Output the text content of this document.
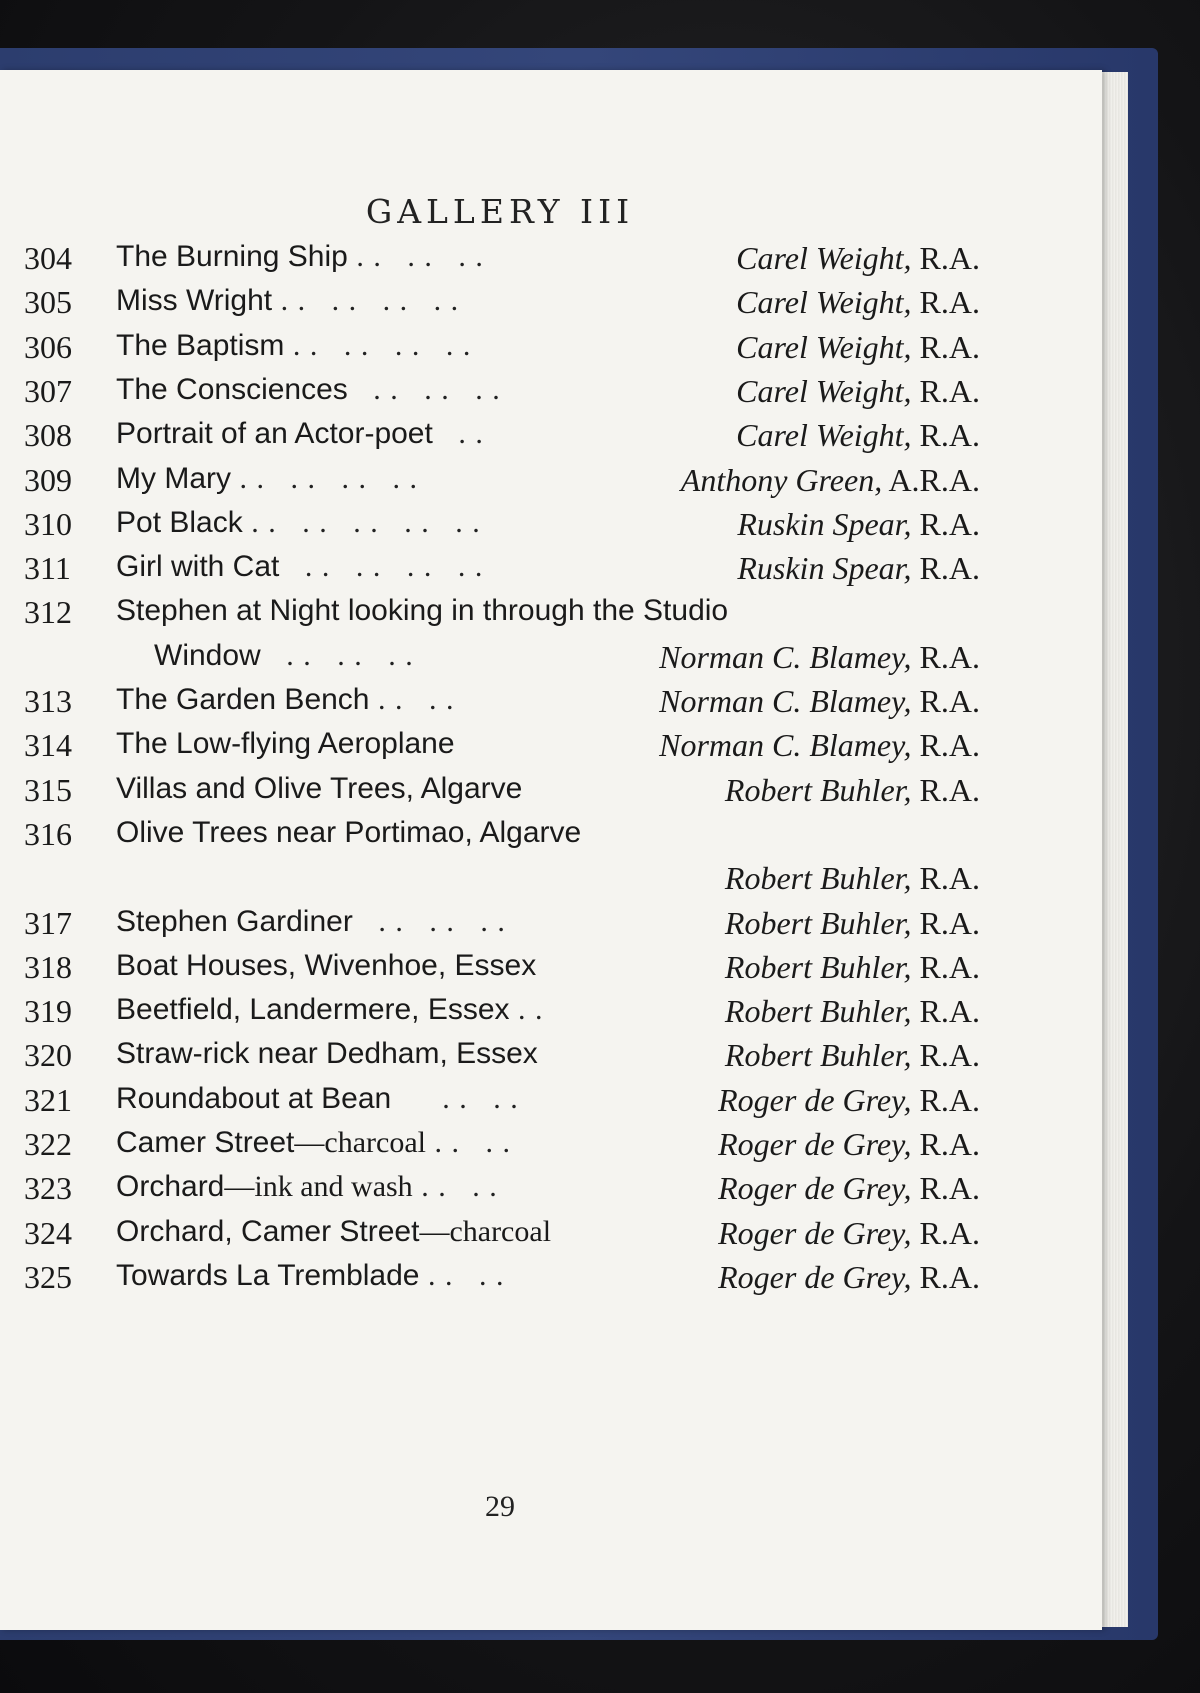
GALLERY III
304 The Burning Ship . .   . .   . .	Carel Weight, R.A.
305 Miss Wright . .   . .   . .   . .	Carel Weight, R.A.
306 The Baptism . .   . .   . .   . .	Carel Weight, R.A.
307 The Consciences   . .   . .   . .	Carel Weight, R.A.
308 Portrait of an Actor-poet   . .	Carel Weight, R.A.
309 My Mary . .   . .   . .   . .	Anthony Green, A.R.A.
310 Pot Black . .   . .   . .   . .   . .	Ruskin Spear, R.A.
311 Girl with Cat   . .   . .   . .   . .	Ruskin Spear, R.A.
312 Stephen at Night looking in through the Studio
Window   . .   . .   . .	Norman C. Blamey, R.A.
313 The Garden Bench . .   . .	Norman C. Blamey, R.A.
314 The Low-flying Aeroplane	Norman C. Blamey, R.A.
315 Villas and Olive Trees, Algarve	Robert Buhler, R.A.
316 Olive Trees near Portimao, Algarve
Robert Buhler, R.A.
317 Stephen Gardiner   . .   . .   . .	Robert Buhler, R.A.
318 Boat Houses, Wivenhoe, Essex	Robert Buhler, R.A.
319 Beetfield, Landermere, Essex . .	Robert Buhler, R.A.
320 Straw-rick near Dedham, Essex	Robert Buhler, R.A.
321 Roundabout at Bean      . .   . .	Roger de Grey, R.A.
322 Camer Street—charcoal . .   . .	Roger de Grey, R.A.
323 Orchard—ink and wash . .   . .	Roger de Grey, R.A.
324 Orchard, Camer Street—charcoal	Roger de Grey, R.A.
325 Towards La Tremblade . .   . .	Roger de Grey, R.A.
29
